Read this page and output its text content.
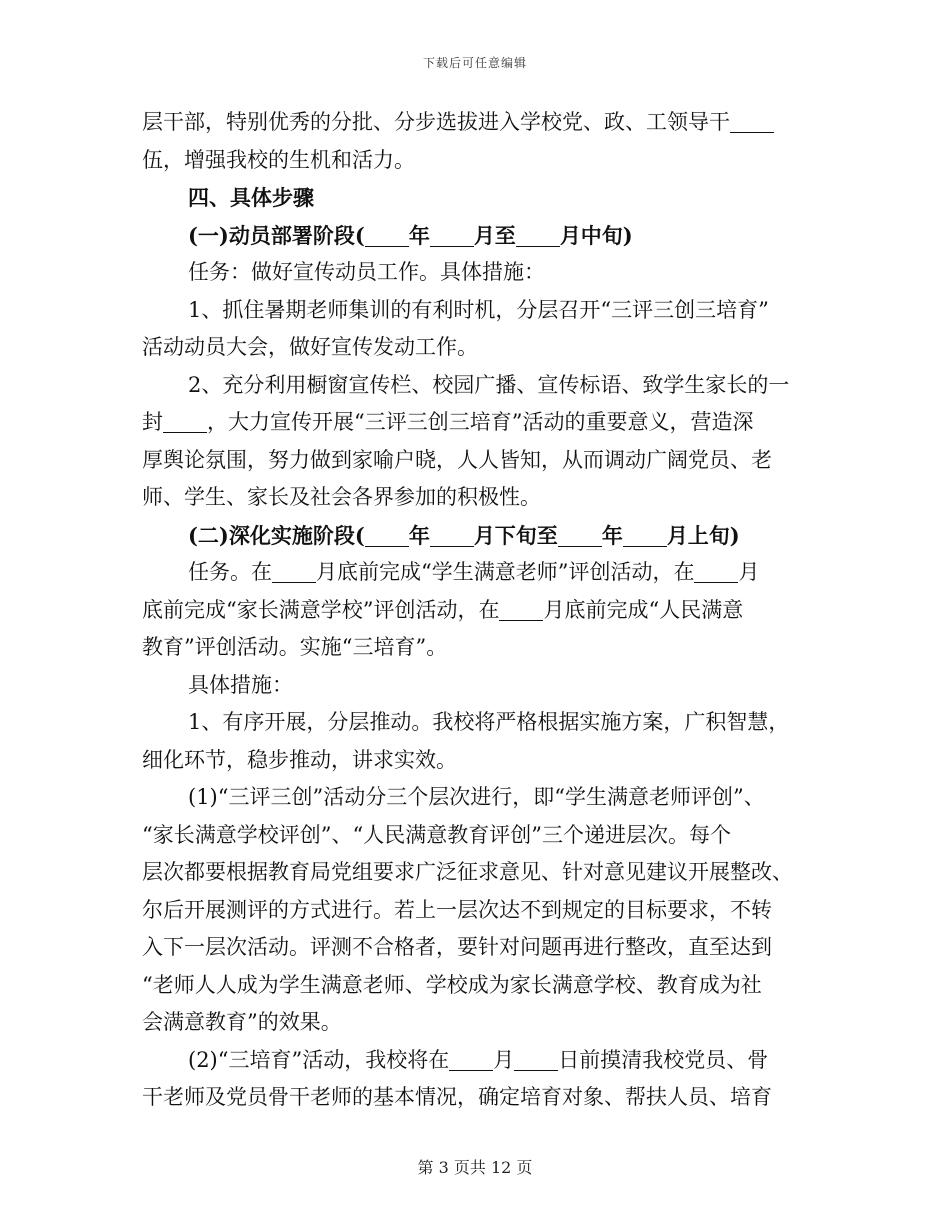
下载后可任意编辑
层干部，特别优秀的分批、分步选拔进入学校党、政、工领导干
伍，增强我校的生机和活力。
四、具体步骤
(一)动员部署阶段( 年 月至 月中旬)
任务：做好宣传动员工作。具体措施：
1、抓住暑期老师集训的有利时机，分层召开“三评三创三培育”
活动动员大会，做好宣传发动工作。
2、充分利用橱窗宣传栏、校园广播、宣传标语、致学生家长的一
封 ，大力宣传开展“三评三创三培育”活动的重要意义，营造深
厚舆论氛围，努力做到家喻户晓，人人皆知，从而调动广阔党员、老
师、学生、家长及社会各界参加的积极性。
(二)深化实施阶段( 年 月下旬至 年 月上旬)
任务。在 月底前完成“学生满意老师”评创活动，在 月
底前完成“家长满意学校”评创活动，在 月底前完成“人民满意
教育”评创活动。实施“三培育”。
具体措施：
1、有序开展，分层推动。我校将严格根据实施方案，广积智慧，
细化环节，稳步推动，讲求实效。
(1)“三评三创”活动分三个层次进行，即“学生满意老师评创”、
“家长满意学校评创”、“人民满意教育评创”三个递进层次。每个
层次都要根据教育局党组要求广泛征求意见、针对意见建议开展整改、
尔后开展测评的方式进行。若上一层次达不到规定的目标要求，不转
入下一层次活动。评测不合格者，要针对问题再进行整改，直至达到
“老师人人成为学生满意老师、学校成为家长满意学校、教育成为社
会满意教育”的效果。
(2)“三培育”活动，我校将在 月 日前摸清我校党员、骨
干老师及党员骨干老师的基本情况，确定培育对象、帮扶人员、培育
第 3 页共 12 页
